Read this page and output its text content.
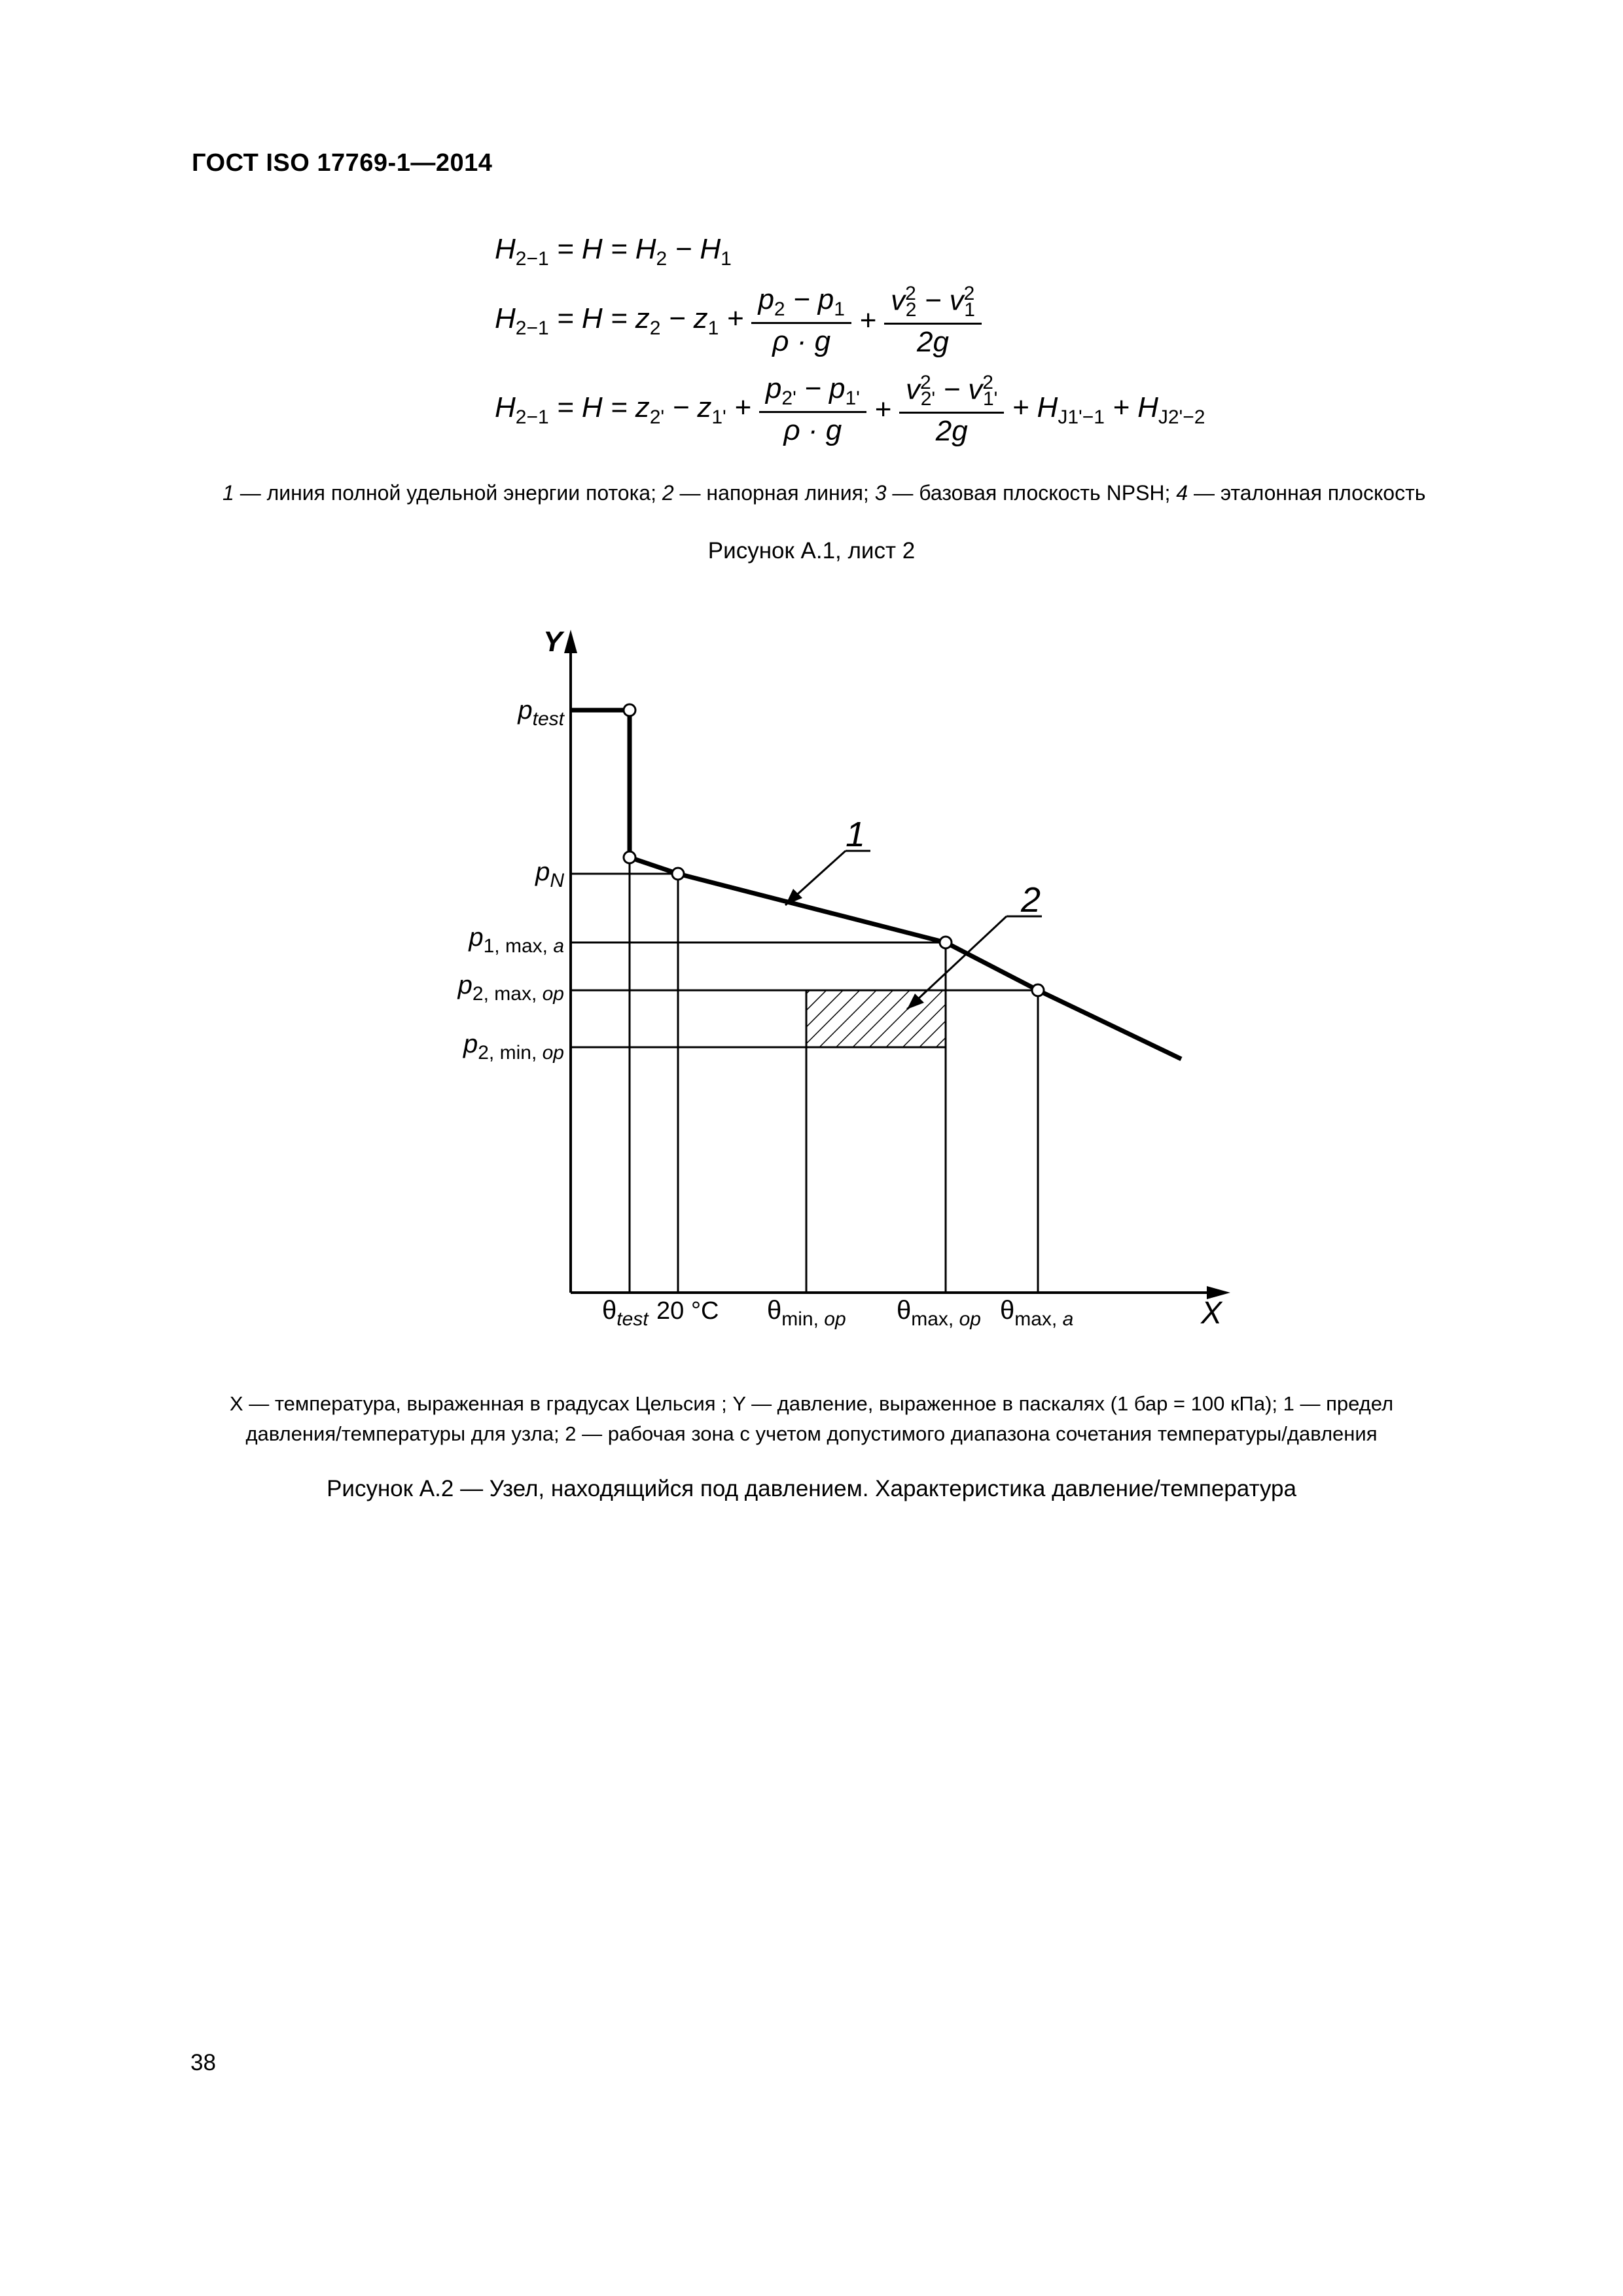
ГОСТ ISO 17769-1—2014
$H_{2-1} = H = H_2 - H_1$
$H_{2-1} = H = z_2 - z_1 + \frac{p_2 - p_1}{\rho \cdot g} + \frac{v^2_2 - v^2_1}{2g}$
$H_{2-1} = H = z_{2'} - z_{1'} + \frac{p_{2'} - p_{1'}}{\rho \cdot g} + \frac{v^2_{2'} - v^2_{1'}}{2g} + H_{J1'-1} + H_{J2'-2}$
1 — линия полной удельной энергии потока; 2 — напорная линия; 3 — базовая плоскость NPSH; 4 — эталонная плоскость
Рисунок А.1, лист 2
1
2
Y
X
$p_{test}$
$p_N$
$p_{1, max,}$ a
$p_{2, max,}$ op
$p_{2, min,}$ op
$\theta_{test}$ 20 °C $\theta_{min,}$ op $\theta_{max,}$ op $\theta_{max,}$ a
X — температура, выраженная в градусах Цельсия ; Y — давление, выраженное в паскалях (1 бар = 100 кПа); 1 — предел
давления/температуры для узла; 2 — рабочая зона с учетом допустимого диапазона сочетания температуры/давления
Рисунок А.2 — Узел, находящийся под давлением. Характеристика давление/температура
38
